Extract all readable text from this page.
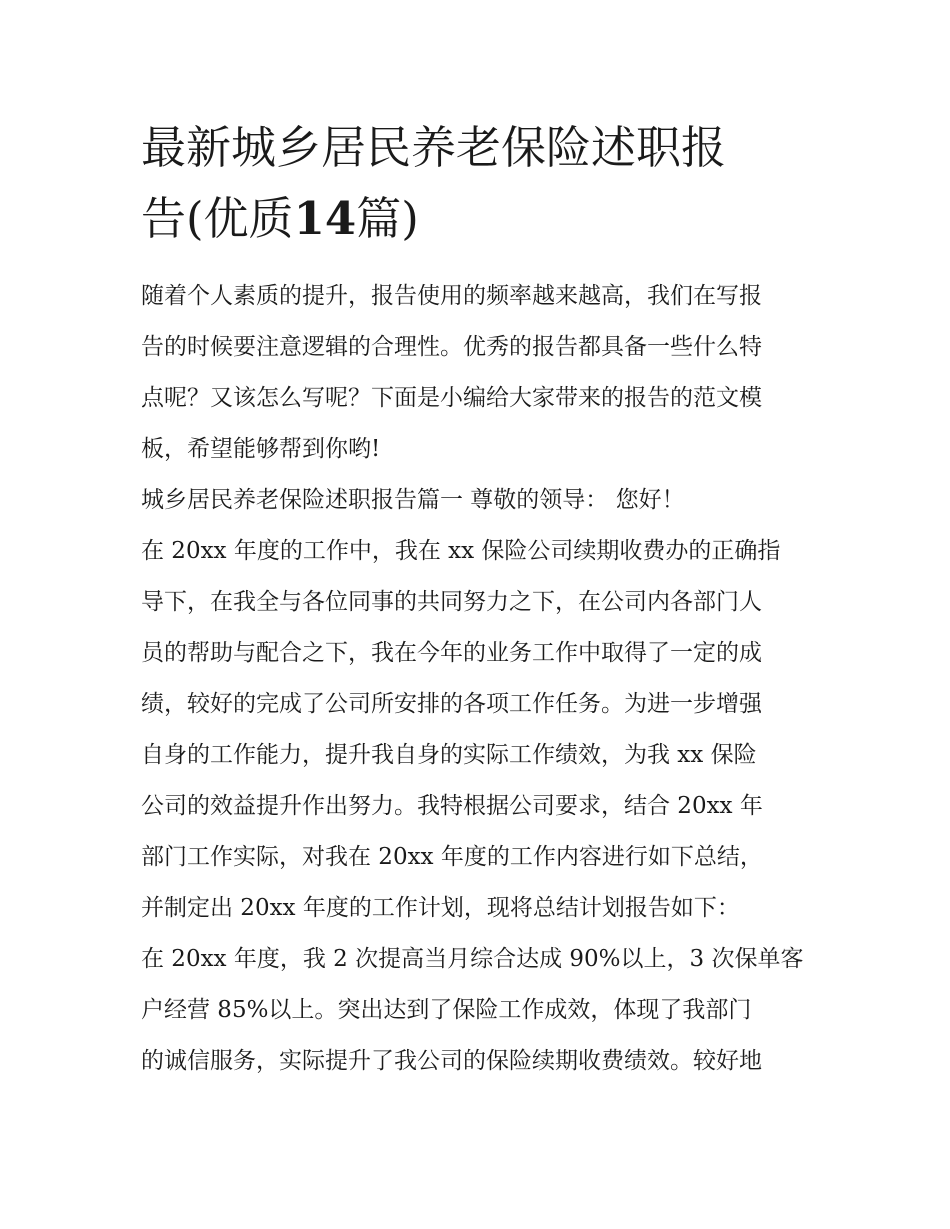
最新城乡居民养老保险述职报
告(优质14篇)
随着个人素质的提升，报告使用的频率越来越高，我们在写报
告的时候要注意逻辑的合理性。优秀的报告都具备一些什么特
点呢？又该怎么写呢？下面是小编给大家带来的报告的范文模
板，希望能够帮到你哟!
城乡居民养老保险述职报告篇一 尊敬的领导： 您好！
在 20xx 年度的工作中，我在 xx 保险公司续期收费办的正确指
导下，在我全与各位同事的共同努力之下，在公司内各部门人
员的帮助与配合之下，我在今年的业务工作中取得了一定的成
绩，较好的完成了公司所安排的各项工作任务。为进一步增强
自身的工作能力，提升我自身的实际工作绩效，为我 xx 保险
公司的效益提升作出努力。我特根据公司要求，结合 20xx 年
部门工作实际，对我在 20xx 年度的工作内容进行如下总结，
并制定出 20xx 年度的工作计划，现将总结计划报告如下：
在 20xx 年度，我 2 次提高当月综合达成 90%以上，3 次保单客
户经营 85%以上。突出达到了保险工作成效，体现了我部门
的诚信服务，实际提升了我公司的保险续期收费绩效。较好地
